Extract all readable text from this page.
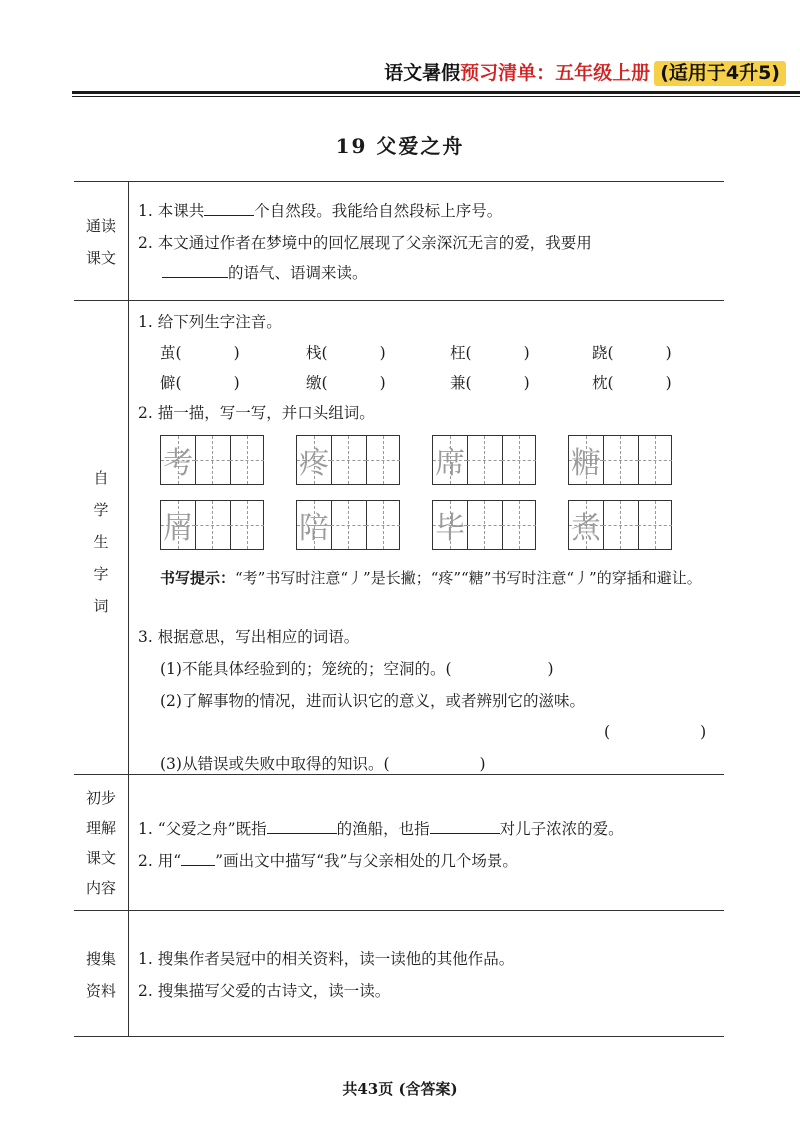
语文暑假预习清单：五年级上册 (适用于4升5)
19 父爱之舟
通读
课文
1. 本课共	个自然段。我能给自然段标上序号。
2. 本文通过作者在梦境中的回忆展现了父亲深沉无言的爱，我要用
的语气、语调来读。
自
学
生
字
词
1. 给下列生字注音。
茧(	)	栈(	)	枉(	)	跷(	)
僻(	)	缴(	)	兼(	)	枕(	)
2. 描一描，写一写，并口头组词。
考	疼	席	糖
屑	陪	毕	煮
书写提示：“考”书写时注意“丿”是长撇；“疼”“糖”书写时注意“丿”的穿插和避让。
3. 根据意思，写出相应的词语。
(1)不能具体经验到的；笼统的；空洞的。(	)
(2)了解事物的情况，进而认识它的意义，或者辨别它的滋味。
(	)
(3)从错误或失败中取得的知识。(	)
初步
理解
课文
内容
1. “父爱之舟”既指	的渔船，也指	对儿子浓浓的爱。
2. 用“ ”画出文中描写“我”与父亲相处的几个场景。
搜集
资料
1. 搜集作者吴冠中的相关资料，读一读他的其他作品。
2. 搜集描写父爱的古诗文，读一读。
共43页 (含答案)
